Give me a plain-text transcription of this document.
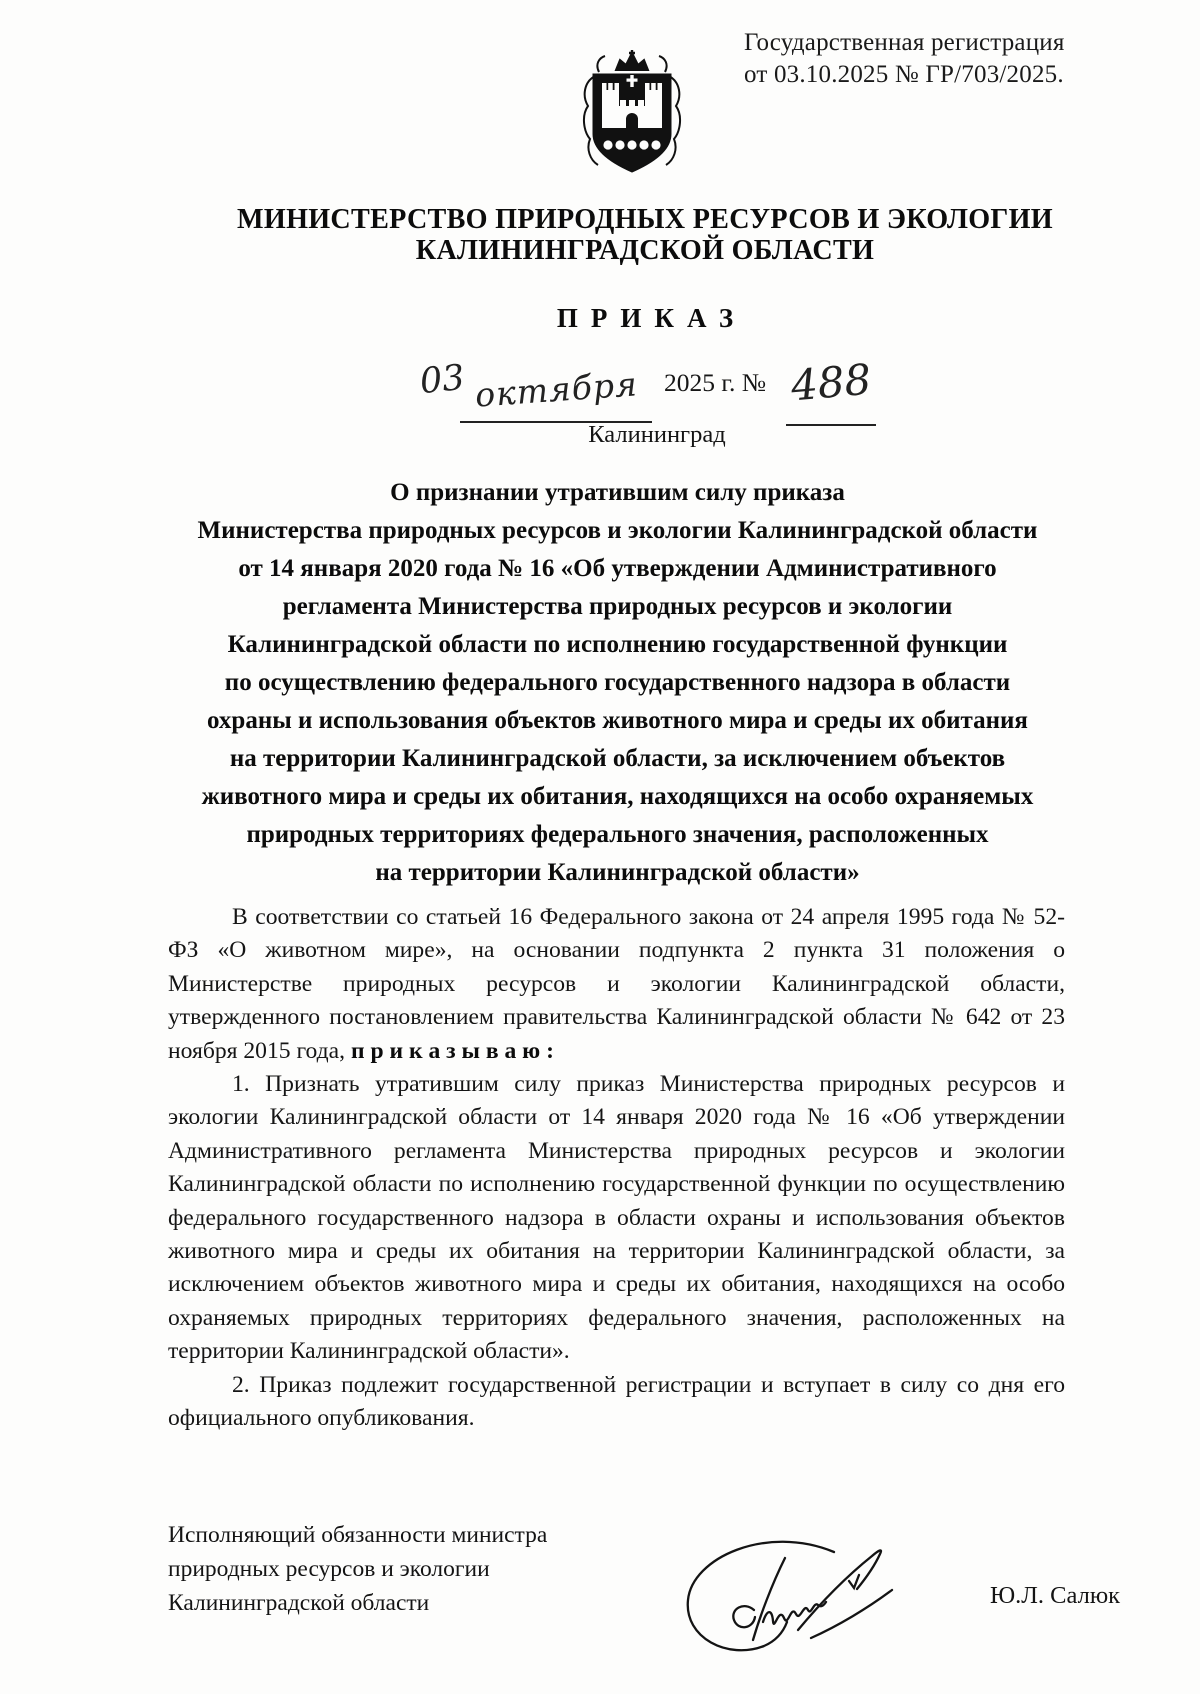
Государственная регистрация
от 03.10.2025 № ГР/703/2025.
МИНИСТЕРСТВО ПРИРОДНЫХ РЕСУРСОВ И ЭКОЛОГИИ
КАЛИНИНГРАДСКОЙ ОБЛАСТИ
ПРИКАЗ
03 октября 2025 г. № 488
Калининград
О признании утратившим силу приказа
Министерства природных ресурсов и экологии Калининградской области
от 14 января 2020 года № 16 «Об утверждении Административного
регламента Министерства природных ресурсов и экологии
Калининградской области по исполнению государственной функции
по осуществлению федерального государственного надзора в области
охраны и использования объектов животного мира и среды их обитания
на территории Калининградской области, за исключением объектов
животного мира и среды их обитания, находящихся на особо охраняемых
природных территориях федерального значения, расположенных
на территории Калининградской области»

В соответствии со статьей 16 Федерального закона от 24 апреля 1995 года № 52-ФЗ «О животном мире», на основании подпункта 2 пункта 31 положения о Министерстве природных ресурсов и экологии Калининградской области, утвержденного постановлением правительства Калининградской области № 642 от 23 ноября 2015 года, п р и к а з ы в а ю :

1. Признать утратившим силу приказ Министерства природных ресурсов и экологии Калининградской области от 14 января 2020 года № 16 «Об утверждении Административного регламента Министерства природных ресурсов и экологии Калининградской области по исполнению государственной функции по осуществлению федерального государственного надзора в области охраны и использования объектов животного мира и среды их обитания на территории Калининградской области, за исключением объектов животного мира и среды их обитания, находящихся на особо охраняемых природных территориях федерального значения, расположенных на территории Калининградской области».

2. Приказ подлежит государственной регистрации и вступает в силу со дня его официального опубликования.

Исполняющий обязанности министра
природных ресурсов и экологии
Калининградской области	Ю.Л. Салюк
